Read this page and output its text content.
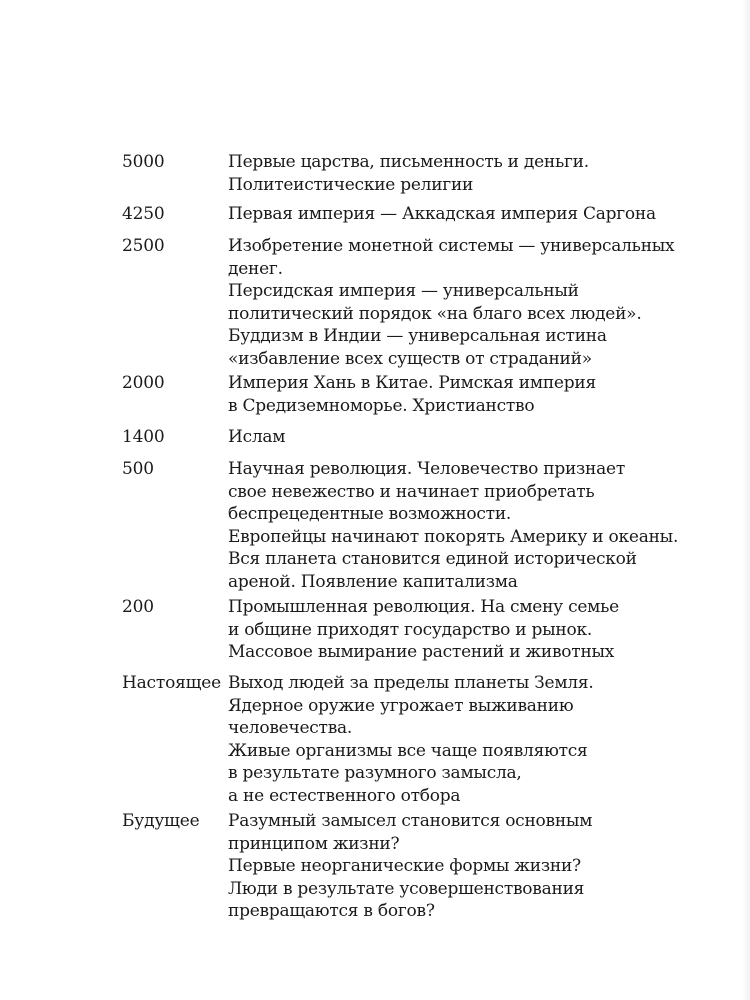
5000	Первые царства, письменность и деньги.
Политеистические религии
4250	Первая империя — Аккадская империя Саргона
2500	Изобретение монетной системы — универсальных
денег.
Персидская империя — универсальный
политический порядок «на благо всех людей».
Буддизм в Индии — универсальная истина
«избавление всех существ от страданий»
2000	Империя Хань в Китае. Римская империя
в Средиземноморье. Христианство
1400	Ислам
500	Научная революция. Человечество признает
свое невежество и начинает приобретать
беспрецедентные возможности.
Европейцы начинают покорять Америку и океаны.
Вся планета становится единой исторической
ареной. Появление капитализма
200	Промышленная революция. На смену семье
и общине приходят государство и рынок.
Массовое вымирание растений и животных
Настоящее Выход людей за пределы планеты Земля.
Ядерное оружие угрожает выживанию
человечества.
Живые организмы все чаще появляются
в результате разумного замысла,
а не естественного отбора
Будущее	Разумный замысел становится основным
принципом жизни?
Первые неорганические формы жизни?
Люди в результате усовершенствования
превращаются в богов?
